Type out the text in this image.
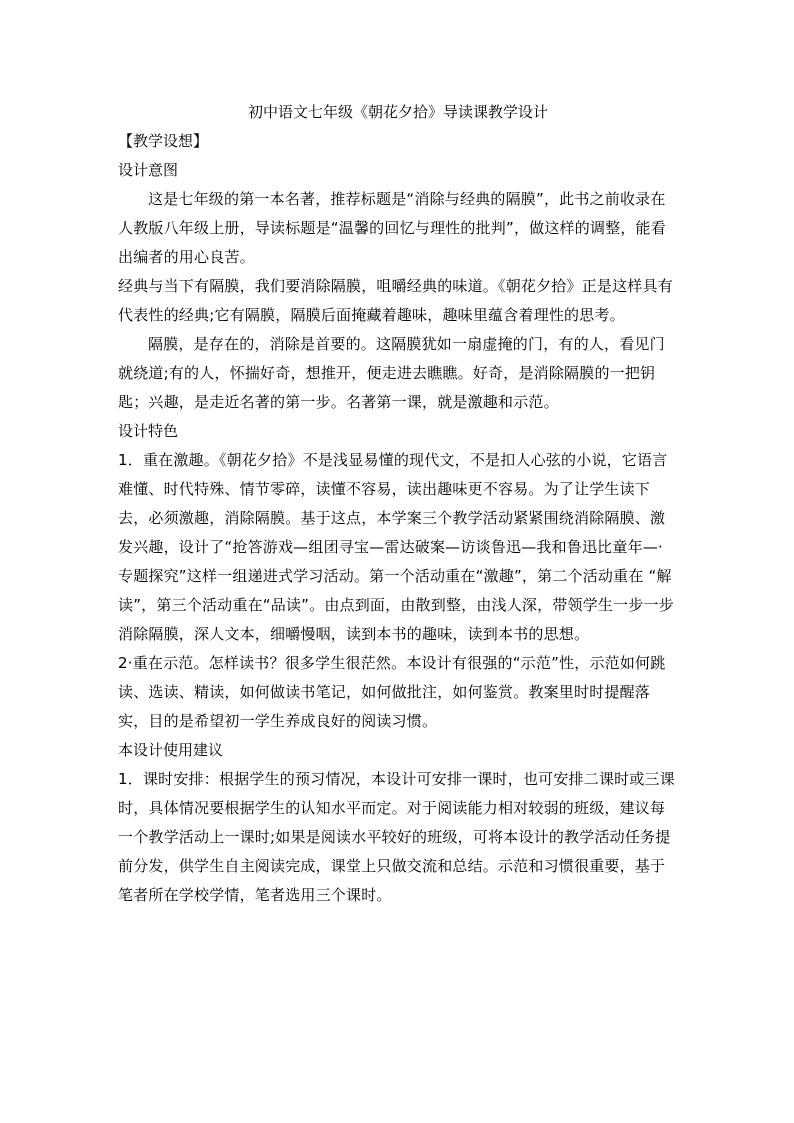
初中语文七年级《朝花夕拾》导读课教学设计

【教学设想】

设计意图

这是七年级的第一本名著，推荐标题是“消除与经典的隔膜”，此书之前收录在人教版八年级上册，导读标题是“温馨的回忆与理性的批判”，做这样的调整，能看出编者的用心良苦。

经典与当下有隔膜，我们要消除隔膜，咀嚼经典的味道。《朝花夕拾》正是这样具有代表性的经典;它有隔膜，隔膜后面掩藏着趣味，趣味里蕴含着理性的思考。

隔膜，是存在的，消除是首要的。这隔膜犹如一扇虚掩的门，有的人，看见门就绕道;有的人，怀揣好奇，想推开，便走进去瞧瞧。好奇，是消除隔膜的一把钥匙；兴趣，是走近名著的第一步。名著第一课，就是激趣和示范。

设计特色

1．重在激趣。《朝花夕拾》不是浅显易懂的现代文，不是扣人心弦的小说，它语言难懂、时代特殊、情节零碎，读懂不容易，读出趣味更不容易。为了让学生读下去，必须激趣，消除隔膜。基于这点，本学案三个教学活动紧紧围绕消除隔膜、激发兴趣，设计了“抢答游戏—组团寻宝—雷达破案—访谈鲁迅—我和鲁迅比童年—·专题探究”这样一组递进式学习活动。第一个活动重在“激趣”，第二个活动重在 “解读”，第三个活动重在“品读”。由点到面，由散到整，由浅人深，带领学生一步一步消除隔膜，深人文本，细嚼慢咽，读到本书的趣味，读到本书的思想。

2·重在示范。怎样读书？很多学生很茫然。本设计有很强的“示范”性，示范如何跳读、选读、精读，如何做读书笔记，如何做批注，如何鉴赏。教案里时时提醒落实，目的是希望初一学生养成良好的阅读习惯。

本设计使用建议

1．课时安排：根据学生的预习情况，本设计可安排一课时，也可安排二课时或三课时，具体情况要根据学生的认知水平而定。对于阅读能力相对较弱的班级，建议每一个教学活动上一课时;如果是阅读水平较好的班级，可将本设计的教学活动任务提前分发，供学生自主阅读完成，课堂上只做交流和总结。示范和习惯很重要，基于笔者所在学校学情，笔者选用三个课时。
